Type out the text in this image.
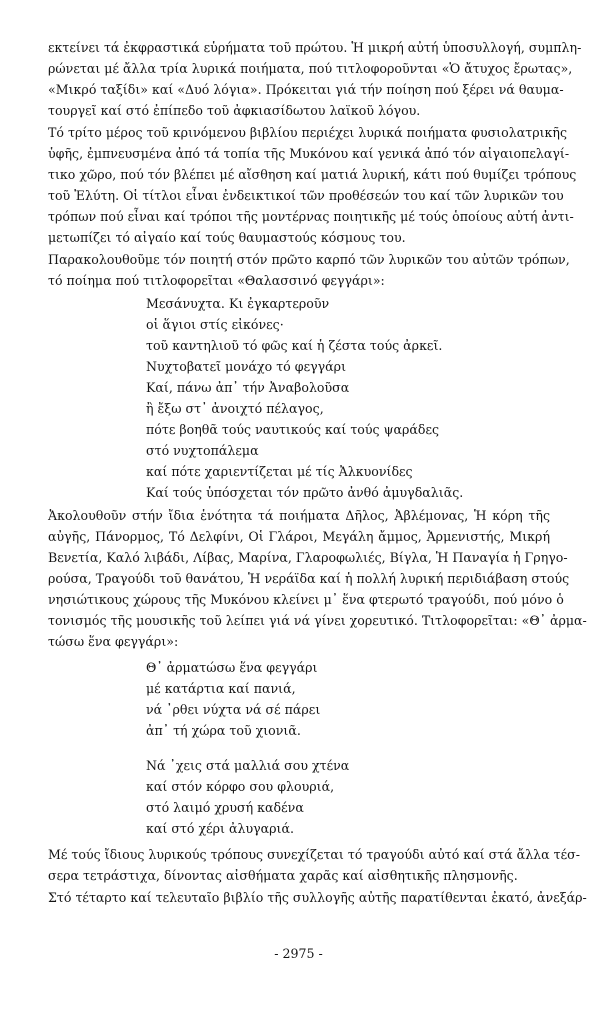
εκτείνει τά ἐκφραστικά εὑρήματα τοῦ πρώτου. Ἡ μικρή αὐτή ὑποσυλλογή, συμπλη-
ρώνεται μέ ἄλλα τρία λυρικά ποιήματα, πού τιτλοφοροῦνται «Ὁ ἄτυχος ἔρωτας»,
«Μικρό ταξίδι» καί «Δυό λόγια». Πρόκειται γιά τήν ποίηση πού ξέρει νά θαυμα-
τουργεῖ καί στό ἐπίπεδο τοῦ ἀφκιασίδωτου λαϊκοῦ λόγου.
Τό τρίτο μέρος τοῦ κρινόμενου βιβλίου περιέχει λυρικά ποιήματα φυσιολατρικῆς
ὑφῆς, ἐμπνευσμένα ἀπό τά τοπία τῆς Μυκόνου καί γενικά ἀπό τόν αἰγαιοπελαγί-
τικο χῶρο, πού τόν βλέπει μέ αἴσθηση καί ματιά λυρική, κάτι πού θυμίζει τρόπους
τοῦ Ἐλύτη. Οἱ τίτλοι εἶναι ἐνδεικτικοί τῶν προθέσεών του καί τῶν λυρικῶν του
τρόπων πού εἶναι καί τρόποι τῆς μοντέρνας ποιητικῆς μέ τούς ὁποίους αὐτή ἀντι-
μετωπίζει τό αἰγαίο καί τούς θαυμαστούς κόσμους του.
Παρακολουθοῦμε τόν ποιητή στόν πρῶτο καρπό τῶν λυρικῶν του αὐτῶν τρόπων,
τό ποίημα πού τιτλοφορεῖται «Θαλασσινό φεγγάρι»:
Μεσάνυχτα. Κι ἐγκαρτεροῦν
οἱ ἅγιοι στίς εἰκόνες·
τοῦ καντηλιοῦ τό φῶς καί ἡ ζέστα τούς ἀρκεῖ.
Νυχτοβατεῖ μονάχο τό φεγγάρι
Καί, πάνω ἀπ᾽ τήν Ἀναβολοῦσα
ἢ ἔξω στ᾽ ἀνοιχτό πέλαγος,
πότε βοηθᾶ τούς ναυτικούς καί τούς ψαράδες
στό νυχτοπάλεμα
καί πότε χαριεντίζεται μέ τίς Ἀλκυονίδες
Καί τούς ὑπόσχεται τόν πρῶτο ἀνθό ἀμυγδαλιᾶς.
Ἀκολουθοῦν στήν ἴδια ἑνότητα τά ποιήματα Δῆλος, Ἀβλέμονας, Ἡ κόρη τῆς
αὐγῆς, Πάνορμος, Τό Δελφίνι, Οἱ Γλάροι, Μεγάλη ἄμμος, Ἀρμενιστής, Μικρή
Βενετία, Καλό λιβάδι, Λίβας, Μαρίνα, Γλαροφωλιές, Βίγλα, Ἡ Παναγία ἡ Γρηγο-
ρούσα, Τραγούδι τοῦ θανάτου, Ἡ νεράϊδα καί ἡ πολλή λυρική περιδιάβαση στούς
νησιώτικους χώρους τῆς Μυκόνου κλείνει μ᾽ ἕνα φτερωτό τραγούδι, πού μόνο ὁ
τονισμός τῆς μουσικῆς τοῦ λείπει γιά νά γίνει χορευτικό. Τιτλοφορεῖται: «Θ᾽ ἀρμα-
τώσω ἕνα φεγγάρι»:
Θ᾽ ἀρματώσω ἕνα φεγγάρι
μέ κατάρτια καί πανιά,
νά ᾽ρθει νύχτα νά σέ πάρει
ἀπ᾽ τή χώρα τοῦ χιονιᾶ.
Νά ᾽χεις στά μαλλιά σου χτένα
καί στόν κόρφο σου φλουριά,
στό λαιμό χρυσή καδένα
καί στό χέρι ἀλυγαριά.
Μέ τούς ἴδιους λυρικούς τρόπους συνεχίζεται τό τραγούδι αὐτό καί στά ἄλλα τέσ-
σερα τετράστιχα, δίνοντας αἰσθήματα χαρᾶς καί αἰσθητικῆς πλησμονῆς.
Στό τέταρτο καί τελευταῖο βιβλίο τῆς συλλογῆς αὐτῆς παρατίθενται ἐκατό, ἀνεξάρ-
- 2975 -
